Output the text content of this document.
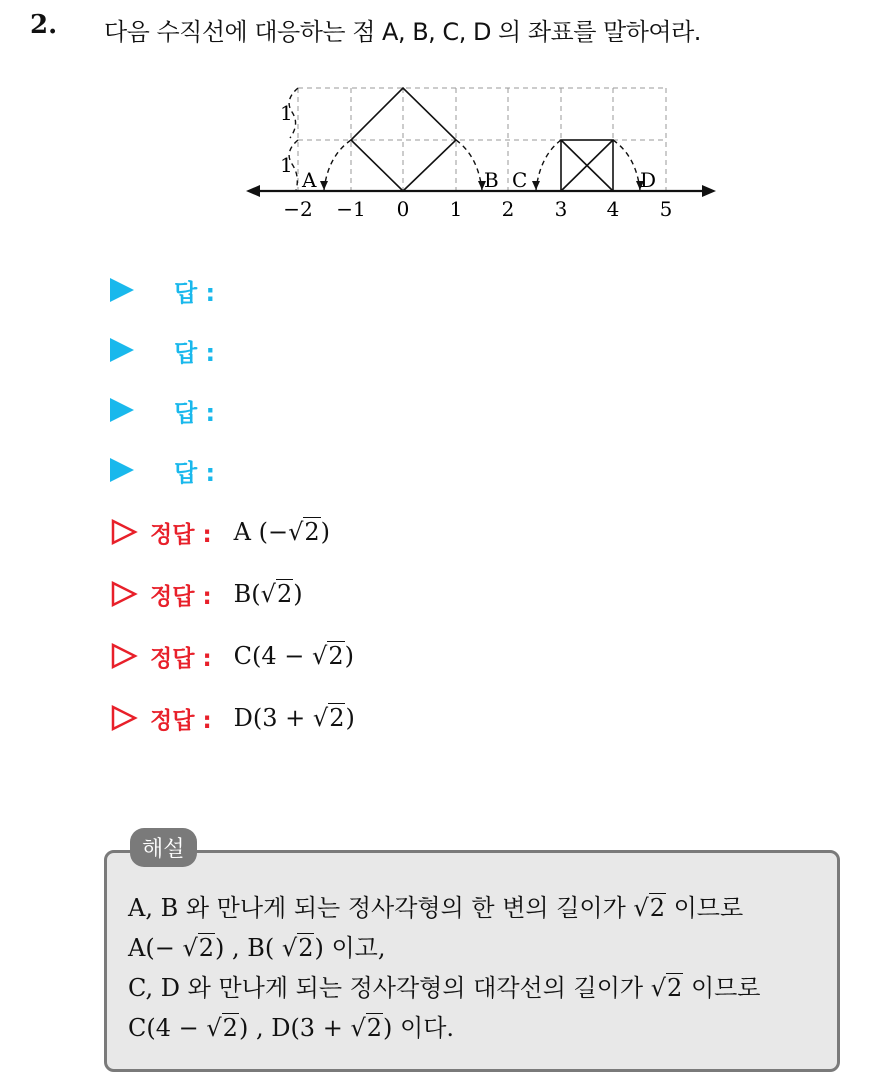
2. 다음 수직선에 대응하는 점 A, B, C, D 의 좌표를 말하여라.
1
1
A	B C	D
−2 −1 0 1 2 3 4 5
답 :
답 :
답 :
답 :
정답 : A (−√2)
정답 : B(√2)
정답 : C(4 − √2)
정답 : D(3 + √2)
해설
A, B 와 만나게 되는 정사각형의 한 변의 길이가 √2 이므로
A(− √2) , B( √2) 이고,
C, D 와 만나게 되는 정사각형의 대각선의 길이가 √2 이므로
C(4 − √2) , D(3 + √2) 이다.
